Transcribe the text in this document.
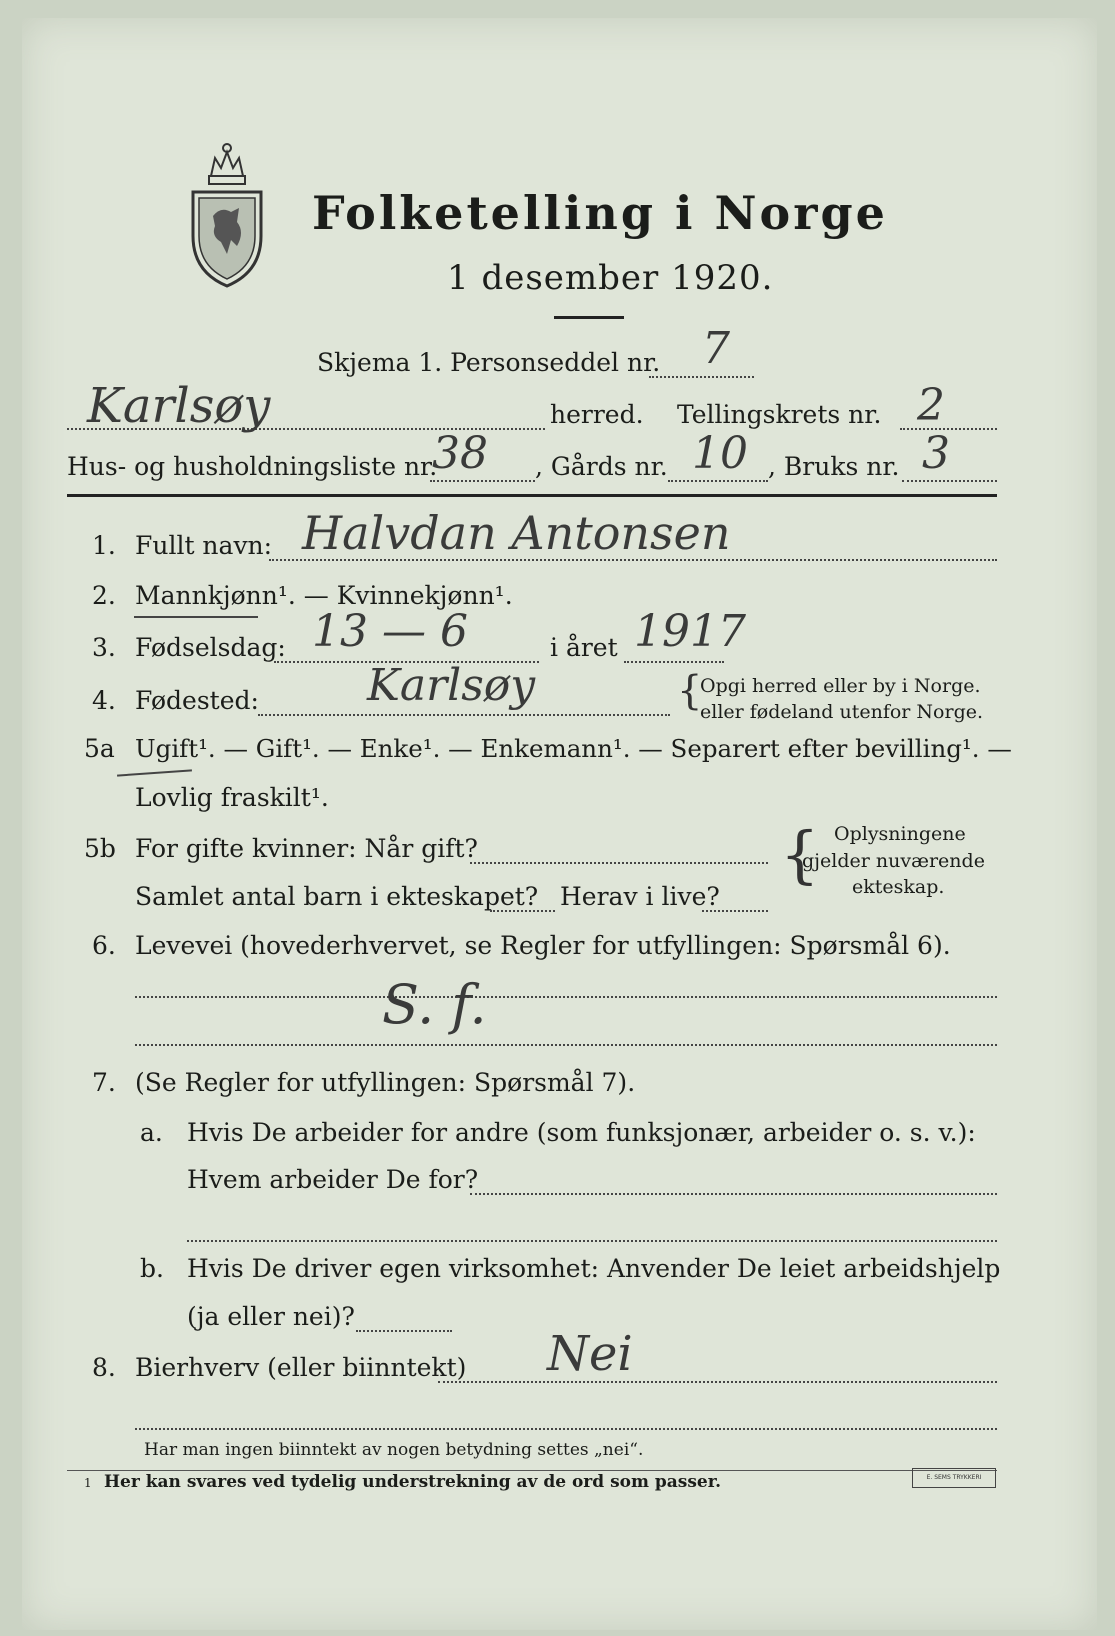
Folketelling i Norge
1 desember 1920.
Skjema 1. Personseddel nr. 7
Karlsøy	herred. Tellingskrets nr. 2
Hus- og husholdningsliste nr.
38 , Gårds nr. 10 , Bruks nr. 3
1. Fullt navn: Halvdan Antonsen
2. Mannkjønn¹. — Kvinnekjønn¹.
3. Fødselsdag: 13 — 6	i året 1917
4. Fødested: Karlsøy	{
Opgi herred eller by i Norge.
eller fødeland utenfor Norge.
5a Ugift¹. — Gift¹. — Enke¹. — Enkemann¹. — Separert efter bevilling¹. —
Lovlig fraskilt¹.
5b For gifte kvinner: Når gift?
Samlet antal barn i ekteskapet? Herav i live?
{ Oplysningene
gjelder nuværende
ekteskap.
6. Levevei (hovederhvervet, se Regler for utfyllingen: Spørsmål 6).
S. f.
7. (Se Regler for utfyllingen: Spørsmål 7).
a. Hvis De arbeider for andre (som funksjonær, arbeider o. s. v.):
Hvem arbeider De for?
b. Hvis De driver egen virksomhet: Anvender De leiet arbeidshjelp
(ja eller nei)?
8. Bierhverv (eller biinntekt) Nei
Har man ingen biinntekt av nogen betydning settes „nei“.
1 Her kan svares ved tydelig understrekning av de ord som passer.	E. SEMS TRYKKERI
